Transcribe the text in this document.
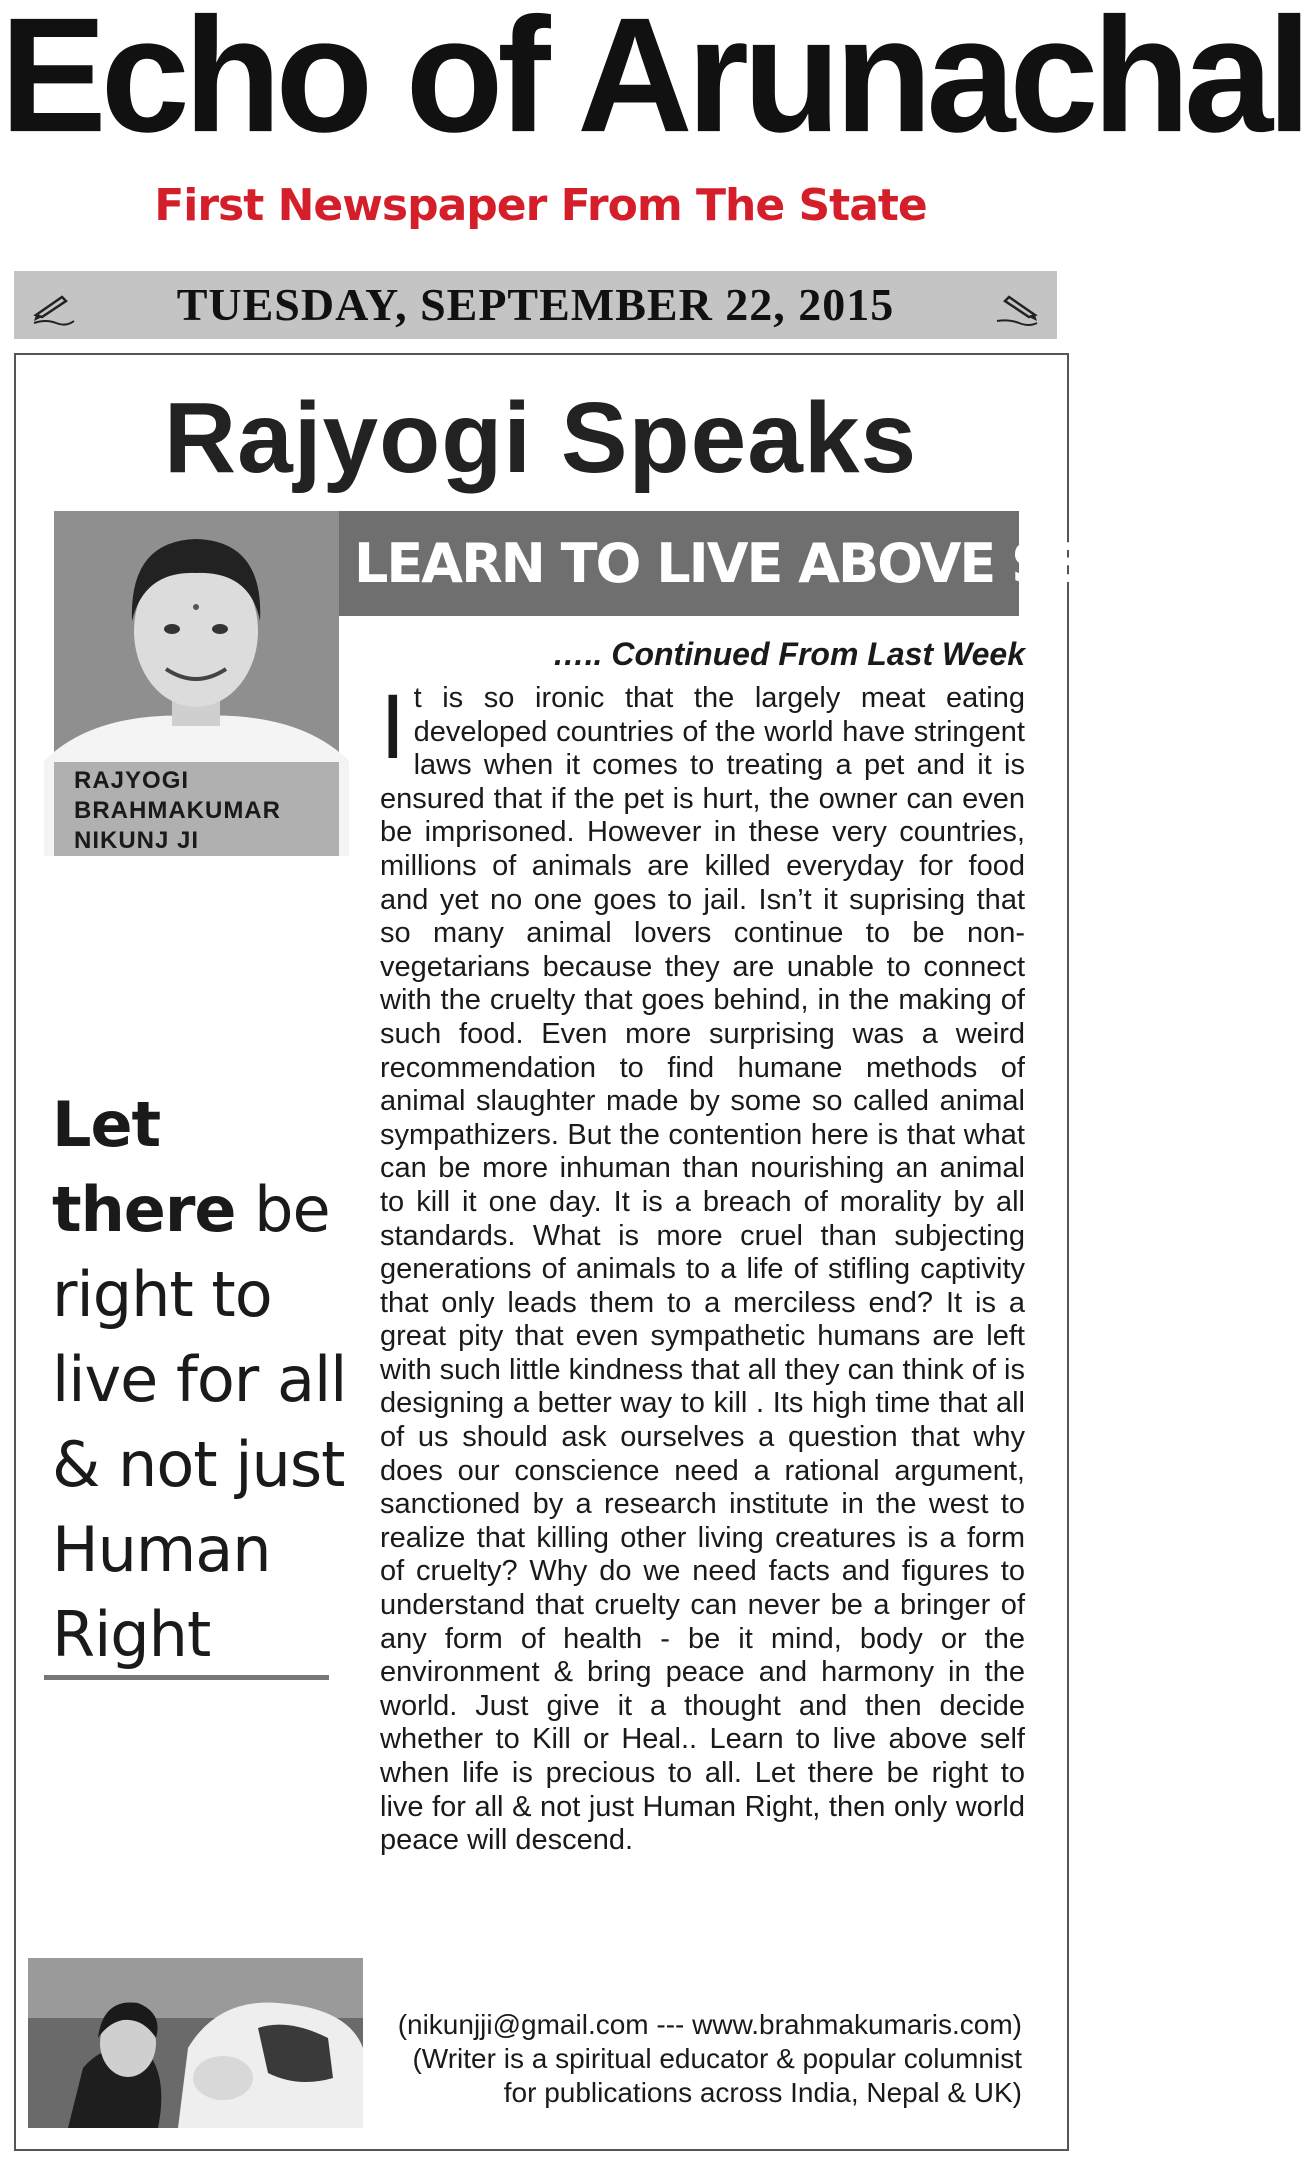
Echo of Arunachal
First Newspaper From The State
TUESDAY, SEPTEMBER 22, 2015
Rajyogi Speaks
LEARN TO LIVE ABOVE SELF
RAJYOGI
BRAHMAKUMAR
NIKUNJ JI
….. Continued From Last Week
It is so ironic that the largely meat eating developed countries of the world have stringent laws when it comes to treating a pet and it is ensured that if the pet is hurt, the owner can even be imprisoned. However in these very countries, millions of animals are killed everyday for food and yet no one goes to jail. Isn’t it suprising that so many animal lovers continue to be non-vegetarians because they are unable to connect with the cruelty that goes behind, in the making of such food. Even more surprising was a weird recommendation to find humane methods of animal slaughter made by some so called animal sympathizers. But the contention here is that what can be more inhuman than nourishing an animal to kill it one day. It is a breach of morality by all standards. What is more cruel than subjecting generations of animals to a life of stifling captivity that only leads them to a merciless end? It is a great pity that even sympathetic humans are left with such little kindness that all they can think of is designing a better way to kill . Its high time that all of us should ask ourselves a question that why does our conscience need a rational argument, sanctioned by a research institute in the west to realize that killing other living creatures is a form of cruelty? Why do we need facts and figures to understand that cruelty can never be a bringer of any form of health - be it mind, body or the environment & bring peace and harmony in the world. Just give it a thought and then decide whether to Kill or Heal.. Learn to live above self when life is precious to all. Let there be right to live for all & not just Human Right, then only world peace will descend.
Let there be right to live for all & not just Human Right
(nikunjji@gmail.com --- www.brahmakumaris.com)
(Writer is a spiritual educator & popular columnist
for publications across India, Nepal & UK)
